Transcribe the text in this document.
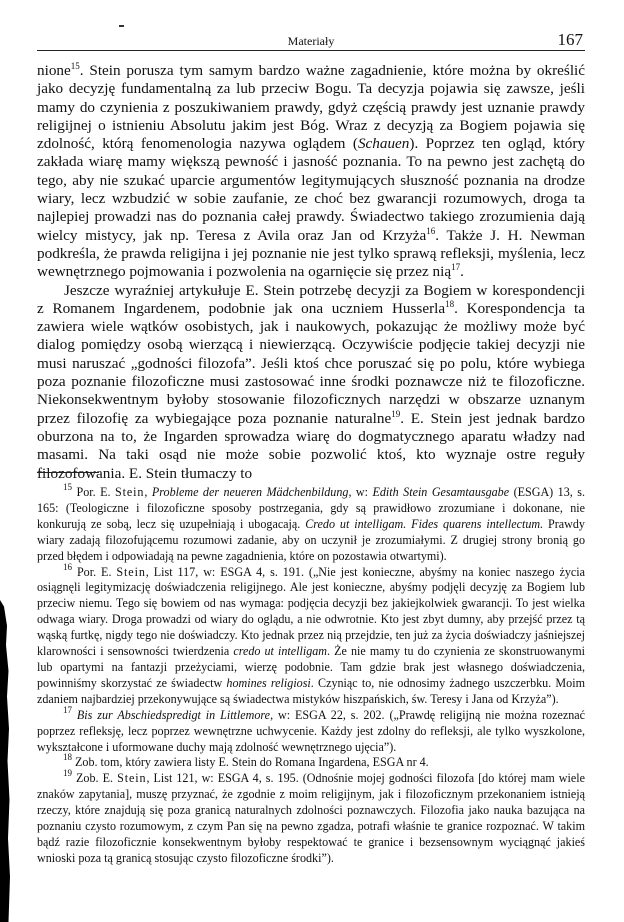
Materiały	167

nione$^{15}$. Stein porusza tym samym bardzo ważne zagadnienie, które można by określić jako decyzję fundamentalną za lub przeciw Bogu. Ta decyzja pojawia się zawsze, jeśli mamy do czynienia z poszukiwaniem prawdy, gdyż częścią prawdy jest uznanie prawdy religijnej o istnieniu Absolutu jakim jest Bóg. Wraz z decyzją za Bogiem pojawia się zdolność, którą fenomenologia nazywa oglądem (Schauen). Poprzez ten ogląd, który zakłada wiarę mamy większą pewność i jasność poznania. To na pewno jest zachętą do tego, aby nie szukać uparcie argumentów legitymujących słuszność poznania na drodze wiary, lecz wzbudzić w sobie zaufanie, ze choć bez gwarancji rozumowych, droga ta najlepiej prowadzi nas do poznania całej prawdy. Świadectwo takiego zrozumienia dają wielcy mistycy, jak np. Teresa z Avila oraz Jan od Krzyża$^{16}$. Także J. H. Newman podkreśla, że prawda religijna i jej poznanie nie jest tylko sprawą refleksji, myślenia, lecz wewnętrznego pojmowania i pozwolenia na ogarnięcie się przez nią$^{17}$.

Jeszcze wyraźniej artykułuje E. Stein potrzebę decyzji za Bogiem w korespondencji z Romanem Ingardenem, podobnie jak ona uczniem Husserla$^{18}$. Korespondencja ta zawiera wiele wątków osobistych, jak i naukowych, pokazując że możliwy może być dialog pomiędzy osobą wierzącą i niewierzącą. Oczywiście podjęcie takiej decyzji nie musi naruszać „godności filozofa”. Jeśli ktoś chce poruszać się po polu, które wybiega poza poznanie filozoficzne musi zastosować inne środki poznawcze niż te filozoficzne. Niekonsekwentnym byłoby stosowanie filozoficznych narzędzi w obszarze uznanym przez filozofię za wybiegające poza poznanie naturalne$^{19}$. E. Stein jest jednak bardzo oburzona na to, że Ingarden sprowadza wiarę do dogmatycznego aparatu władzy nad masami. Na taki osąd nie może sobie pozwolić ktoś, kto wyznaje ostre reguły filozofowania. E. Stein tłumaczy to

$^{15}$ Por. E. Stein, Probleme der neueren Mädchenbildung, w: Edith Stein Gesamtausgabe (ESGA) 13, s. 165: (Teologiczne i filozoficzne sposoby postrzegania, gdy są prawidłowo zrozumiane i dokonane, nie konkurują ze sobą, lecz się uzupełniają i ubogacają. Credo ut intelligam. Fides quarens intellectum. Prawdy wiary zadają filozofującemu rozumowi zadanie, aby on uczynił je zrozumiałymi. Z drugiej strony bronią go przed błędem i odpowiadają na pewne zagadnienia, które on pozostawia otwartymi).

$^{16}$ Por. E. Stein, List 117, w: ESGA 4, s. 191. („Nie jest konieczne, abyśmy na koniec naszego życia osiągnęli legitymizację doświadczenia religijnego. Ale jest konieczne, abyśmy podjęli decyzję za Bogiem lub przeciw niemu. Tego się bowiem od nas wymaga: podjęcia decyzji bez jakiejkolwiek gwarancji. To jest wielka odwaga wiary. Droga prowadzi od wiary do oglądu, a nie odwrotnie. Kto jest zbyt dumny, aby przejść przez tą wąską furtkę, nigdy tego nie doświadczy. Kto jednak przez nią przejdzie, ten już za życia doświadczy jaśniejszej klarowności i sensowności twierdzenia credo ut intelligam. Że nie mamy tu do czynienia ze skonstruowanymi lub opartymi na fantazji przeżyciami, wierzę podobnie. Tam gdzie brak jest własnego doświadczenia, powinniśmy skorzystać ze świadectw homines religiosi. Czyniąc to, nie odnosimy żadnego uszczerbku. Moim zdaniem najbardziej przekonywujące są świadectwa mistyków hiszpańskich, św. Teresy i Jana od Krzyża”).

$^{17}$ Bis zur Abschiedspredigt in Littlemore, w: ESGA 22, s. 202. („Prawdę religijną nie można rozeznać poprzez refleksję, lecz poprzez wewnętrzne uchwycenie. Każdy jest zdolny do refleksji, ale tylko wyszkolone, wykształcone i uformowane duchy mają zdolność wewnętrznego ujęcia”).

$^{18}$ Zob. tom, który zawiera listy E. Stein do Romana Ingardena, ESGA nr 4.

$^{19}$ Zob. E. Stein, List 121, w: ESGA 4, s. 195. (Odnośnie mojej godności filozofa [do której mam wiele znaków zapytania], muszę przyznać, że zgodnie z moim religijnym, jak i filozoficznym przekonaniem istnieją rzeczy, które znajdują się poza granicą naturalnych zdolności poznawczych. Filozofia jako nauka bazująca na poznaniu czysto rozumowym, z czym Pan się na pewno zgadza, potrafi właśnie te granice rozpoznać. W takim bądź razie filozoficznie konsekwentnym byłoby respektować te granice i bezsensownym wyciągnąć jakieś wnioski poza tą granicą stosując czysto filozoficzne środki”).
